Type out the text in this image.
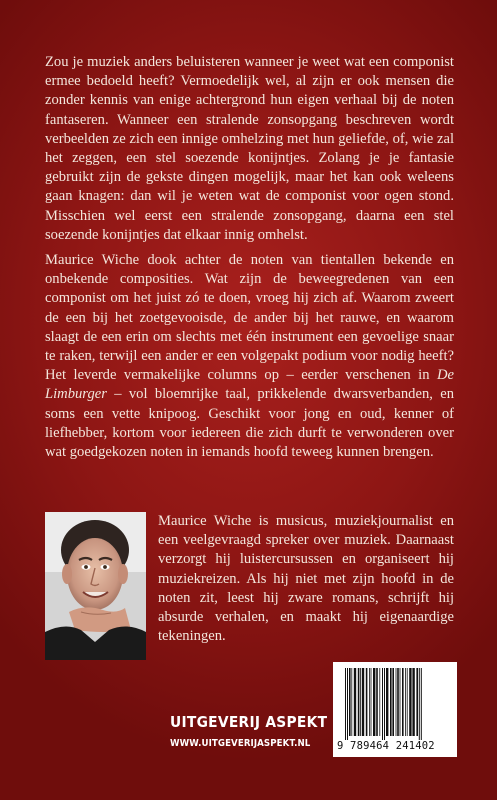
Zou je muziek anders beluisteren wanneer je weet wat een componist ermee bedoeld heeft? Vermoedelijk wel, al zijn er ook mensen die zonder kennis van enige achtergrond hun eigen verhaal bij de noten fantaseren. Wanneer een stralende zonsopgang beschreven wordt verbeelden ze zich een innige omhelzing met hun geliefde, of, wie zal het zeggen, een stel soezende konijntjes. Zolang je je fantasie gebruikt zijn de gekste dingen mogelijk, maar het kan ook weleens gaan knagen: dan wil je weten wat de componist voor ogen stond. Misschien wel eerst een stralende zonsopgang, daarna een stel soezende konijntjes dat elkaar innig omhelst.

Maurice Wiche dook achter de noten van tientallen bekende en onbekende composities. Wat zijn de beweegredenen van een componist om het juist zó te doen, vroeg hij zich af. Waarom zweert de een bij het zoetgevooisde, de ander bij het rauwe, en waarom slaagt de een erin om slechts met één instrument een gevoelige snaar te raken, terwijl een ander er een volgepakt podium voor nodig heeft? Het leverde vermakelijke columns op – eerder verschenen in De Limburger – vol bloemrijke taal, prikkelende dwarsverbanden, en soms een vette knipoog. Geschikt voor jong en oud, kenner of liefhebber, kortom voor iedereen die zich durft te verwonderen over wat goedgekozen noten in iemands hoofd teweeg kunnen brengen.

Maurice Wiche is musicus, muziekjournalist en een veelgevraagd spreker over muziek. Daarnaast verzorgt hij luistercursussen en organiseert hij muziekreizen. Als hij niet met zijn hoofd in de noten zit, leest hij zware romans, schrijft hij absurde verhalen, en maakt hij eigenaardige tekeningen.

UITGEVERIJ ASPEKT
WWW.UITGEVERIJASPEKT.NL	9 789464 241402
